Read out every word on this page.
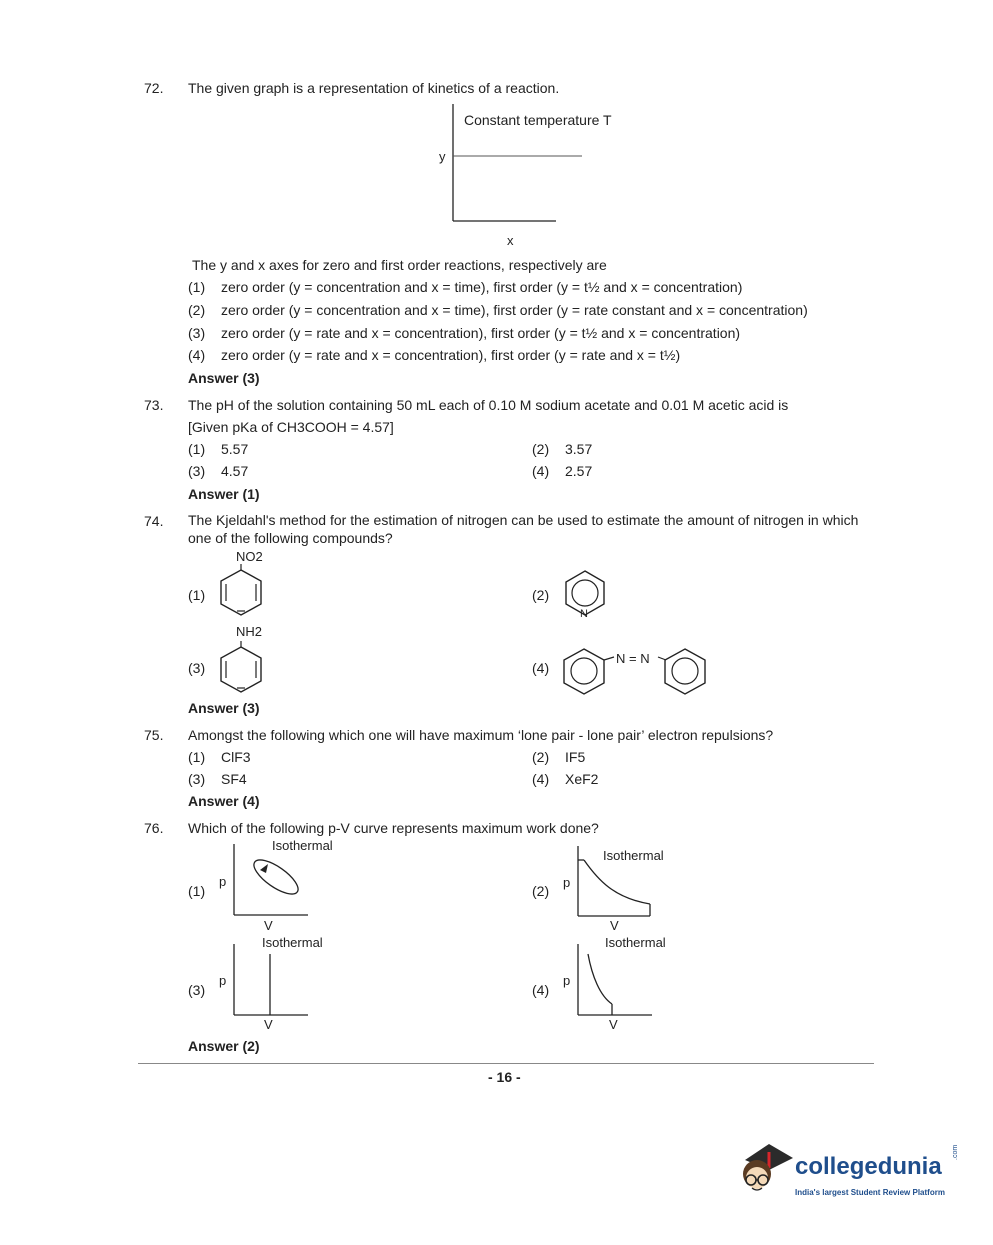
72. The given graph is a representation of kinetics of a reaction.
Constant temperature T
y
x
The y and x axes for zero and first order reactions, respectively are
(1) zero order (y = concentration and x = time), first order (y = t½ and x = concentration)
(2) zero order (y = concentration and x = time), first order (y = rate constant and x = concentration)
(3) zero order (y = rate and x = concentration), first order (y = t½ and x = concentration)
(4) zero order (y = rate and x = concentration), first order (y = rate and x = t½)
Answer (3)
73. The pH of the solution containing 50 mL each of 0.10 M sodium acetate and 0.01 M acetic acid is
[Given pKa of CH3COOH = 4.57]
(1) 5.57	(2) 3.57
(3) 4.57	(4) 2.57
Answer (1)
74. The Kjeldahl's method for the estimation of nitrogen can be used to estimate the amount of nitrogen in which
one of the following compounds?
(1)
NO2
(2)
N
(3)
NH2
(4)
N = N
Answer (3)
75. Amongst the following which one will have maximum ‘lone pair - lone pair’ electron repulsions?
(1) ClF3	(2) IF5
(3) SF4	(4) XeF2
Answer (4)
76. Which of the following p-V curve represents maximum work done?
(1)
Isothermal
p
V
(2)
Isothermal
p
V
(3)
Isothermal
p
V
(4)
Isothermal
p
V
Answer (2)
- 16 -
collegedunia
.com
India's largest Student Review Platform
